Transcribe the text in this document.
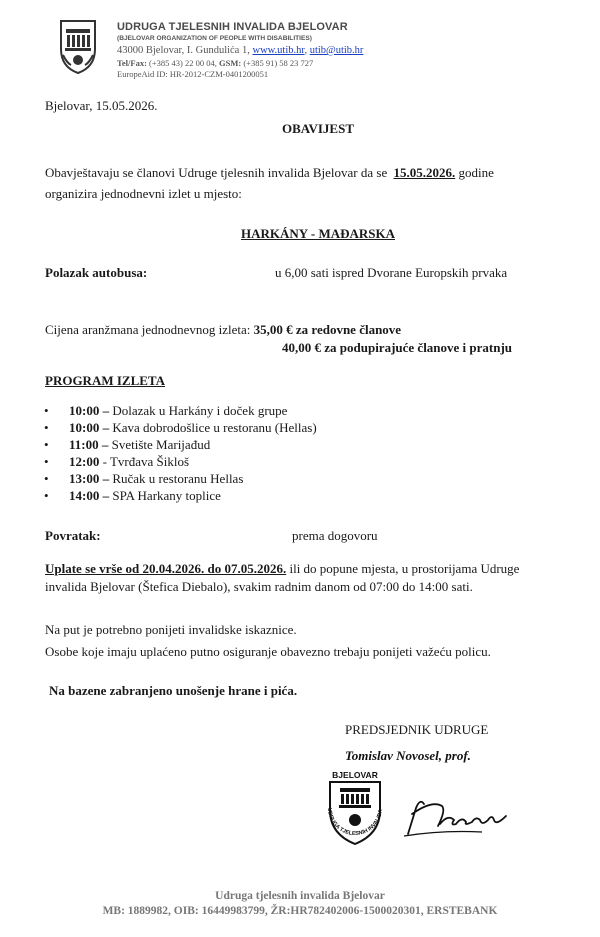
UDRUGA TJELESNIH INVALIDA BJELOVAR
(BJELOVAR ORGANIZATION OF PEOPLE WITH DISABILITIES)
43000 Bjelovar, I. Gundulića 1, www.utib.hr, utib@utib.hr
Tel/Fax: (+385 43) 22 00 04, GSM: (+385 91) 58 23 727
EuropeAid ID: HR-2012-CZM-0401200051
Bjelovar, 15.05.2026.
OBAVIJEST
Obavještavaju se članovi Udruge tjelesnih invalida Bjelovar da se 15.05.2026. godine
organizira jednodnevni izlet u mjesto:
HARKÁNY - MAĐARSKA
Polazak autobusa:	u 6,00 sati ispred Dvorane Europskih prvaka
Cijena aranžmana jednodnevnog izleta: 35,00 € za redovne članove
40,00 € za podupirajuće članove i pratnju
PROGRAM IZLETA
• 10:00 – Dolazak u Harkány i doček grupe
• 10:00 – Kava dobrodošlice u restoranu (Hellas)
• 11:00 – Svetište Marijađud
• 12:00 - Tvrđava Šikloš
• 13:00 – Ručak u restoranu Hellas
• 14:00 – SPA Harkany toplice
Povratak:	prema dogovoru
Uplate se vrše od 20.04.2026. do 07.05.2026. ili do popune mjesta, u prostorijama Udruge
invalida Bjelovar (Štefica Diebalo), svakim radnim danom od 07:00 do 14:00 sati.
Na put je potrebno ponijeti invalidske iskaznice.
Osobe koje imaju uplaćeno putno osiguranje obavezno trebaju ponijeti važeću policu.
Na bazene zabranjeno unošenje hrane i pića.
PREDSJEDNIK UDRUGE
Tomislav Novosel, prof.
BJELOVAR
UDRUGA TJELESNIH INVALIDA
Udruga tjelesnih invalida Bjelovar
MB: 1889982, OIB: 16449983799, ŽR:HR782402006-1500020301, ERSTEBANK
